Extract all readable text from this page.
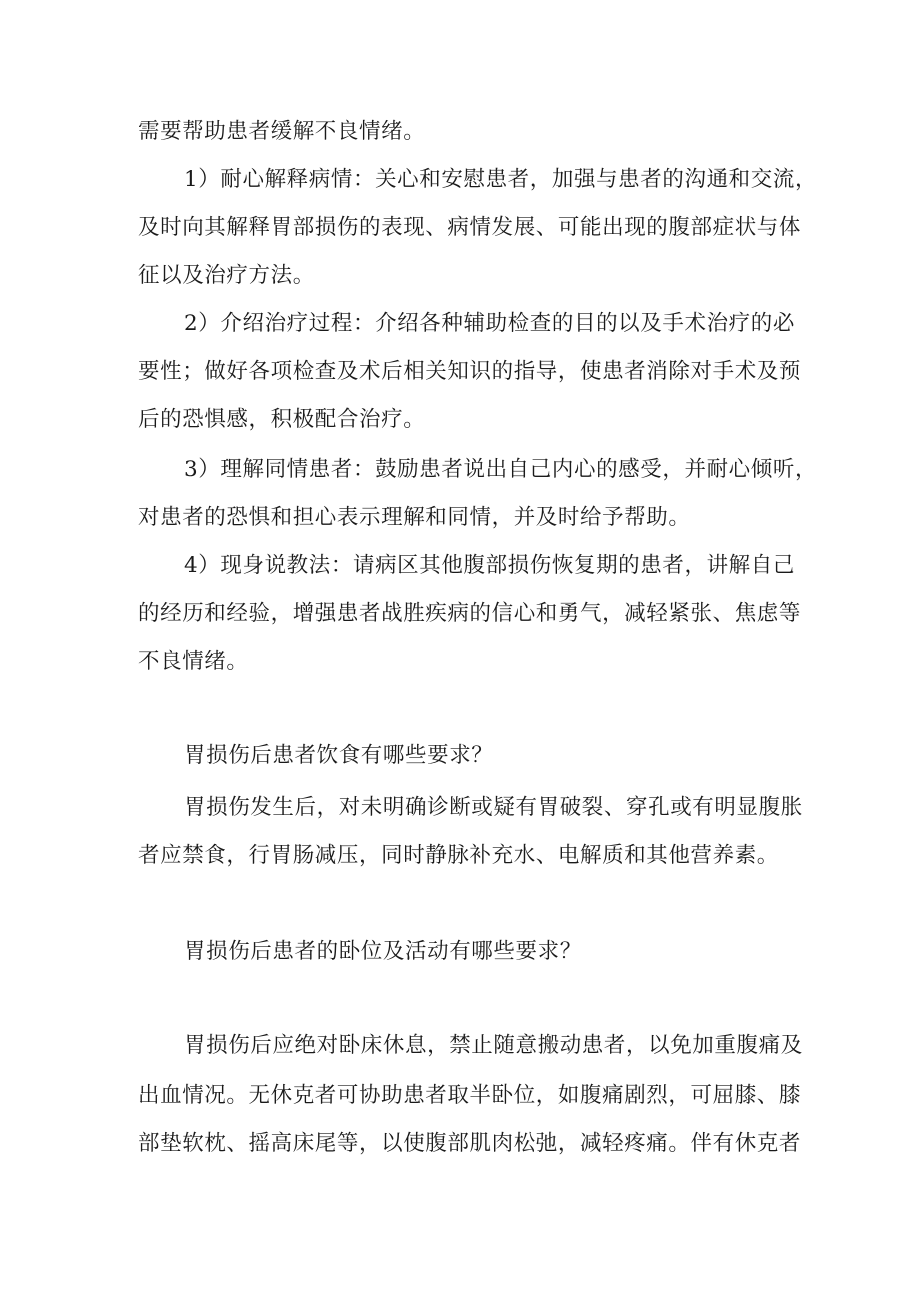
需要帮助患者缓解不良情绪。
1）耐心解释病情：关心和安慰患者，加强与患者的沟通和交流，
及时向其解释胃部损伤的表现、病情发展、可能出现的腹部症状与体
征以及治疗方法。
2）介绍治疗过程：介绍各种辅助检查的目的以及手术治疗的必
要性；做好各项检查及术后相关知识的指导，使患者消除对手术及预
后的恐惧感，积极配合治疗。
3）理解同情患者：鼓励患者说出自己内心的感受，并耐心倾听，
对患者的恐惧和担心表示理解和同情，并及时给予帮助。
4）现身说教法：请病区其他腹部损伤恢复期的患者，讲解自己
的经历和经验，增强患者战胜疾病的信心和勇气，减轻紧张、焦虑等
不良情绪。
胃损伤后患者饮食有哪些要求？
胃损伤发生后，对未明确诊断或疑有胃破裂、穿孔或有明显腹胀
者应禁食，行胃肠减压，同时静脉补充水、电解质和其他营养素。
胃损伤后患者的卧位及活动有哪些要求？
胃损伤后应绝对卧床休息，禁止随意搬动患者，以免加重腹痛及
出血情况。无休克者可协助患者取半卧位，如腹痛剧烈，可屈膝、膝
部垫软枕、摇高床尾等，以使腹部肌肉松弛，减轻疼痛。伴有休克者
